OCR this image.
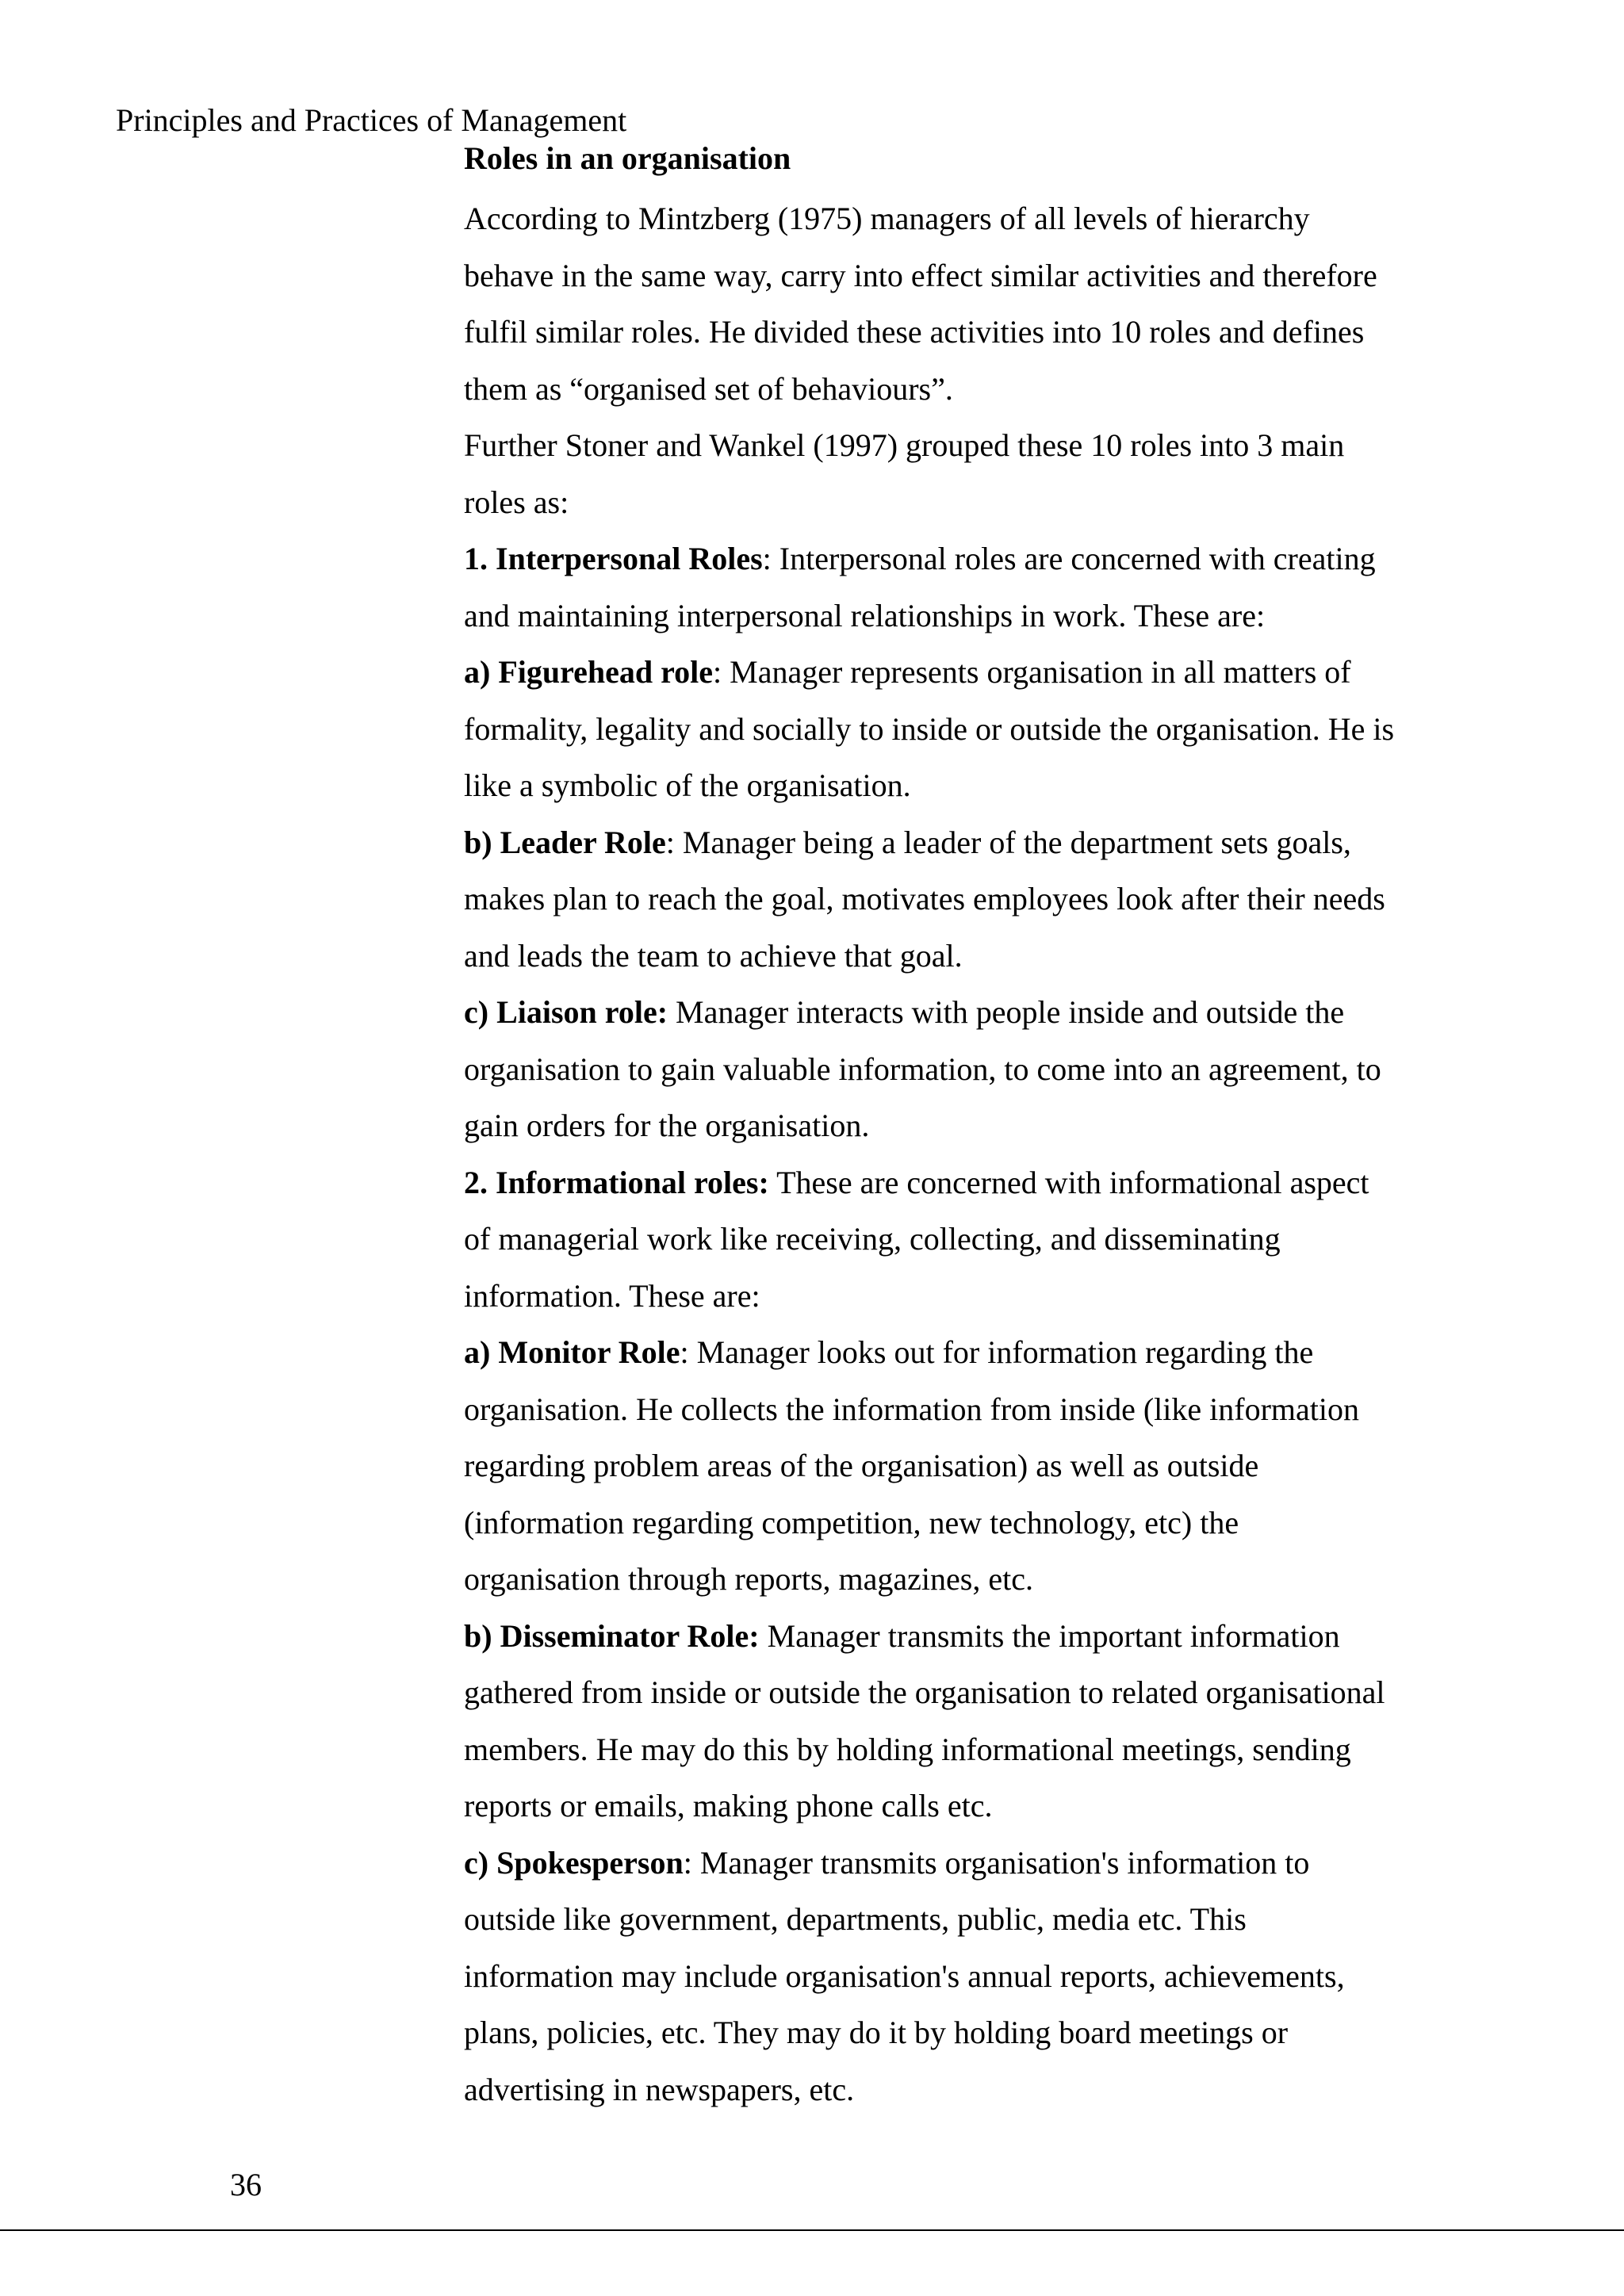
Principles and Practices of Management

Roles in an organisation

According to Mintzberg (1975) managers of all levels of hierarchy

behave in the same way, carry into effect similar activities and therefore

fulfil similar roles. He divided these activities into 10 roles and defines

them as “organised set of behaviours”.

Further Stoner and Wankel (1997) grouped these 10 roles into 3 main

roles as:

1. Interpersonal Roles: Interpersonal roles are concerned with creating

and maintaining interpersonal relationships in work. These are:

a) Figurehead role: Manager represents organisation in all matters of

formality, legality and socially to inside or outside the organisation. He is

like a symbolic of the organisation.

b) Leader Role: Manager being a leader of the department sets goals,

makes plan to reach the goal, motivates employees look after their needs

and leads the team to achieve that goal.

c) Liaison role: Manager interacts with people inside and outside the

organisation to gain valuable information, to come into an agreement, to

gain orders for the organisation.

2. Informational roles: These are concerned with informational aspect

of managerial work like receiving, collecting, and disseminating

information. These are:

a) Monitor Role: Manager looks out for information regarding the

organisation. He collects the information from inside (like information

regarding problem areas of the organisation) as well as outside

(information regarding competition, new technology, etc) the

organisation through reports, magazines, etc.

b) Disseminator Role: Manager transmits the important information

gathered from inside or outside the organisation to related organisational

members. He may do this by holding informational meetings, sending

reports or emails, making phone calls etc.

c) Spokesperson: Manager transmits organisation's information to

outside like government, departments, public, media etc. This

information may include organisation's annual reports, achievements,

plans, policies, etc. They may do it by holding board meetings or

advertising in newspapers, etc.

36
